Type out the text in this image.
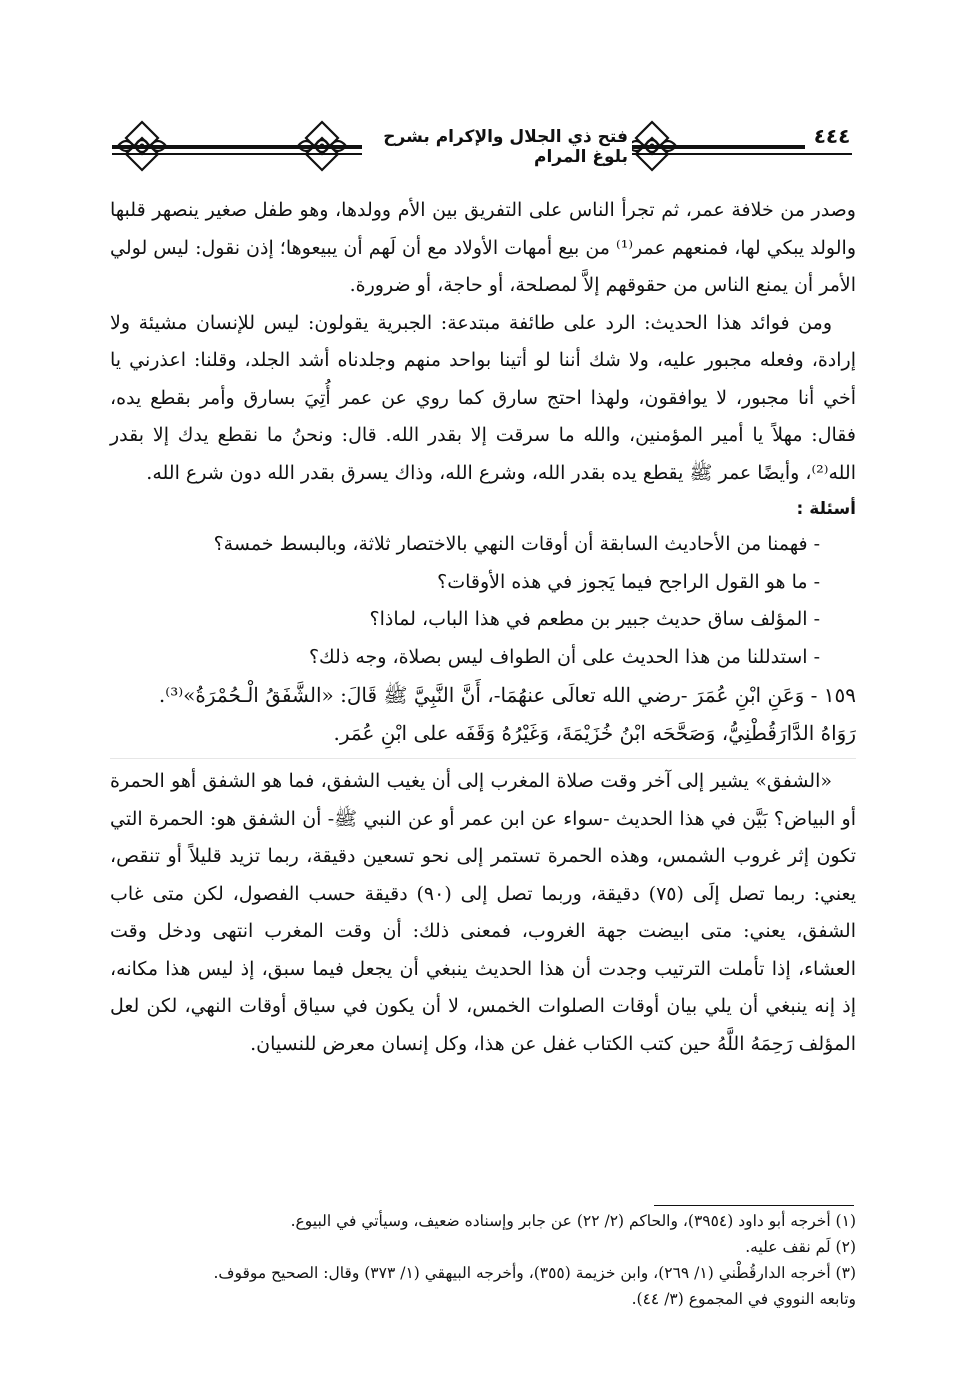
فتح ذي الجلال والإكرام بشرح بلوغ المرام
٤٤٤

وصدر من خلافة عمر، ثم تجرأ الناس على التفريق بين الأم وولدها، وهو طفل صغير ينصهر قلبها والولد يبكي لها، فمنعهم عمر⁽¹⁾ من بيع أمهات الأولاد مع أن لَهم أن يبيعوها؛ إذن نقول: ليس لولي الأمر أن يمنع الناس من حقوقهم إلاَّ لمصلحة، أو حاجة، أو ضرورة.

ومن فوائد هذا الحديث: الرد على طائفة مبتدعة: الجبرية يقولون: ليس للإنسان مشيئة ولا إرادة، وفعله مجبور عليه، ولا شك أننا لو أتينا بواحد منهم وجلدناه أشد الجلد، وقلنا: اعذرني يا أخي أنا مجبور، لا يوافقون، ولهذا احتج سارق كما روي عن عمر أُتِيَ بسارق وأمر بقطع يده، فقال: مهلاً يا أمير المؤمنين، والله ما سرقت إلا بقدر الله. قال: ونحنُ ما نقطع يدك إلا بقدر الله⁽²⁾، وأيضًا عمر ﷺ يقطع يده بقدر الله، وشرع الله، وذاك يسرق بقدر الله دون شرع الله.

أسئلة :

- فهمنا من الأحاديث السابقة أن أوقات النهي بالاختصار ثلاثة، وبالبسط خمسة؟

- ما هو القول الراجح فيما يَجوز في هذه الأوقات؟

- المؤلف ساق حديث جبير بن مطعم في هذا الباب، لماذا؟

- استدللنا من هذا الحديث على أن الطواف ليس بصلاة، وجه ذلك؟

١٥٩ - وَعَنِ ابْنِ عُمَرَ -رضي الله تعالَى عنهُمَا-، أَنَّ النَّبِيَّ ﷺ قَالَ: «الشَّفَقُ الْـحُمْرَةُ»⁽³⁾.

رَوَاهُ الدَّارَقُطْنِيُّ، وَصَحَّحَه ابْنُ خُزَيْمَةَ، وَغَيْرُهُ وَقَفَه على ابْنِ عُمَر.

«الشفق» يشير إلى آخر وقت صلاة المغرب إلى أن يغيب الشفق، فما هو الشفق أهو الحمرة أو البياض؟ بَيَّن في هذا الحديث -سواء عن ابن عمر أو عن النبي ﷺ- أن الشفق هو: الحمرة التي تكون إثر غروب الشمس، وهذه الحمرة تستمر إلى نحو تسعين دقيقة، ربما تزيد قليلاً أو تنقص، يعني: ربما تصل إلَى (٧٥) دقيقة، وربما تصل إلى (٩٠) دقيقة حسب الفصول، لكن متى غاب الشفق، يعني: متى ابيضت جهة الغروب، فمعنى ذلك: أن وقت المغرب انتهى ودخل وقت العشاء، إذا تأملت الترتيب وجدت أن هذا الحديث ينبغي أن يجعل فيما سبق، إذ ليس هذا مكانه، إذ إنه ينبغي أن يلي بيان أوقات الصلوات الخمس، لا أن يكون في سياق أوقات النهي، لكن لعل المؤلف رَحِمَهُ اللَّهُ حين كتب الكتاب غفل عن هذا، وكل إنسان معرض للنسيان.

(١) أخرجه أبو داود (٣٩٥٤)، والحاكم (٢/ ٢٢) عن جابر وإسناده ضعيف، وسيأتي في البيوع.

(٢) لَم نقف عليه.

(٣) أخرجه الدارقُطْني (١/ ٢٦٩)، وابن خزيمة (٣٥٥)، وأخرجه البيهقي (١/ ٣٧٣) وقال: الصحيح موقوف.

وتابعه النووي في المجموع (٣/ ٤٤).
